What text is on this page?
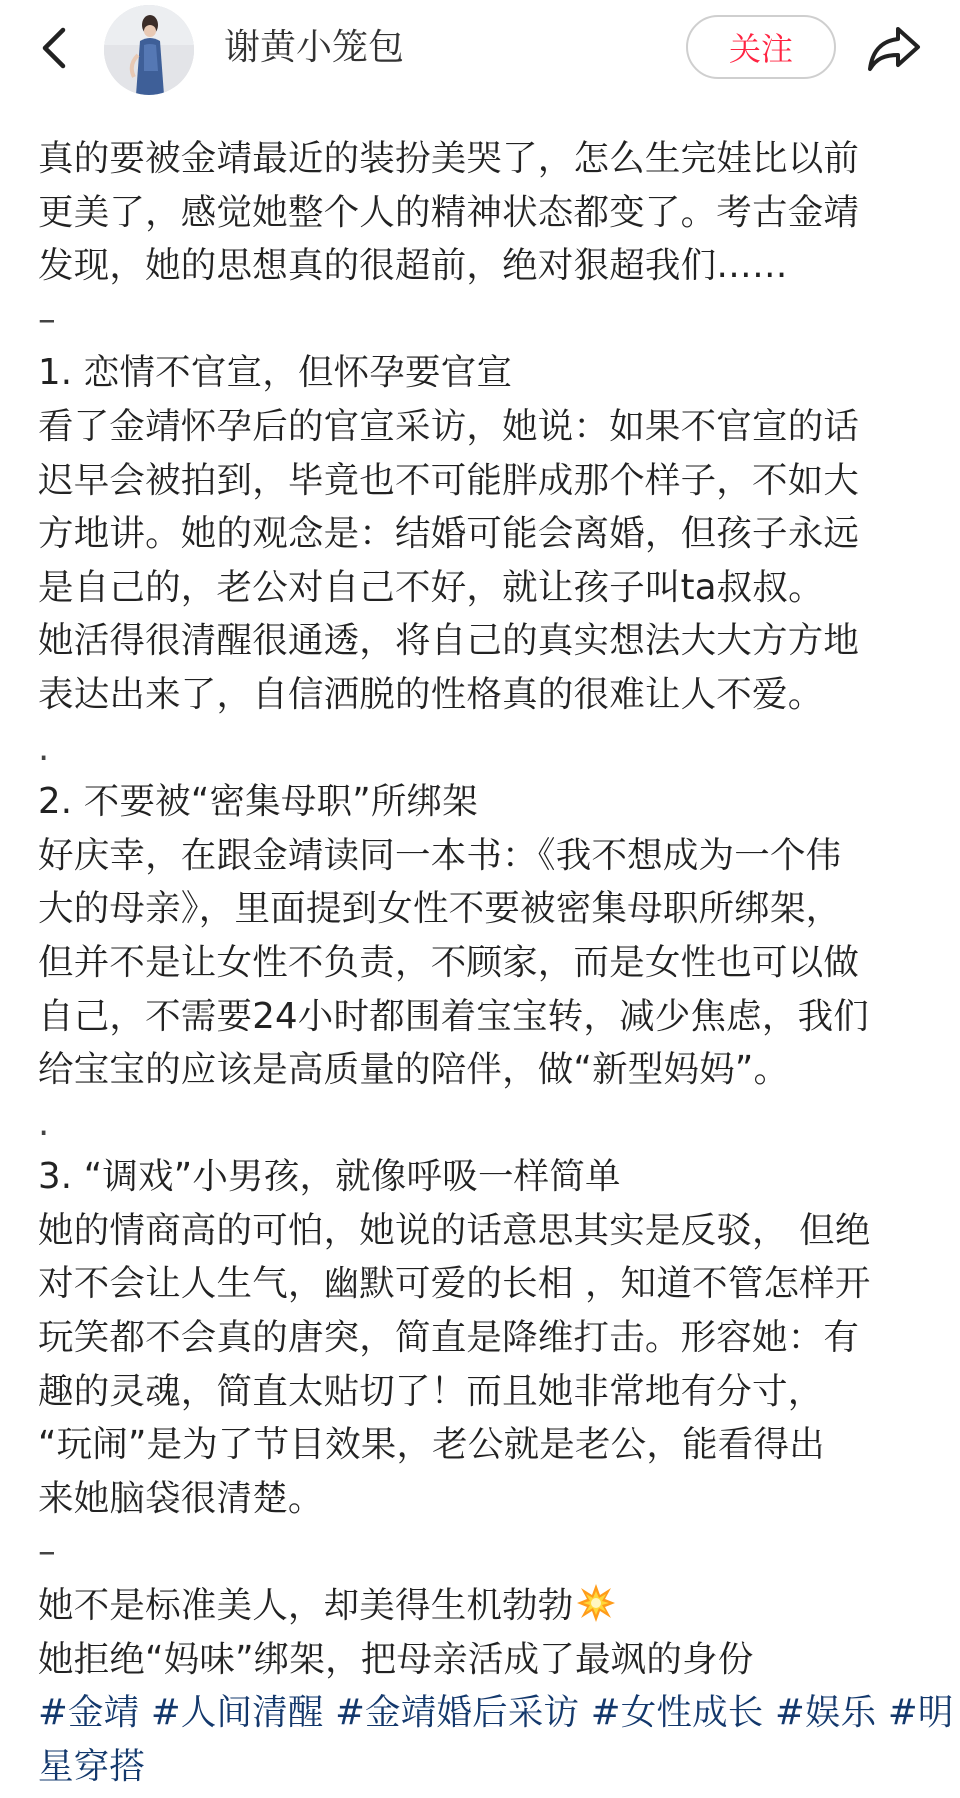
谢黄小笼包	关注
真的要被金靖最近的装扮美哭了，怎么生完娃比以前
更美了，感觉她整个人的精神状态都变了。考古金靖
发现，她的思想真的很超前，绝对狠超我们……
–
1. 恋情不官宣，但怀孕要官宣
看了金靖怀孕后的官宣采访，她说：如果不官宣的话
迟早会被拍到，毕竟也不可能胖成那个样子，不如大
方地讲。她的观念是：结婚可能会离婚，但孩子永远
是自己的，老公对自己不好，就让孩子叫ta叔叔。
她活得很清醒很通透，将自己的真实想法大大方方地
表达出来了，自信洒脱的性格真的很难让人不爱。
.
2. 不要被“密集母职”所绑架
好庆幸，在跟金靖读同一本书：《我不想成为一个伟
大的母亲》，里面提到女性不要被密集母职所绑架，
但并不是让女性不负责，不顾家，而是女性也可以做
自己，不需要24小时都围着宝宝转，减少焦虑，我们
给宝宝的应该是高质量的陪伴，做“新型妈妈”。
.
3. “调戏”小男孩，就像呼吸一样简单
她的情商高的可怕，她说的话意思其实是反驳， 但绝
对不会让人生气，幽默可爱的长相 ，知道不管怎样开
玩笑都不会真的唐突，简直是降维打击。形容她：有
趣的灵魂，简直太贴切了！而且她非常地有分寸，
“玩闹”是为了节目效果，老公就是老公，能看得出
来她脑袋很清楚。
–
她不是标准美人，却美得生机勃勃
她拒绝“妈味”绑架，把母亲活成了最飒的身份
#金靖 #人间清醒 #金靖婚后采访 #女性成长 #娱乐 #明
星穿搭
